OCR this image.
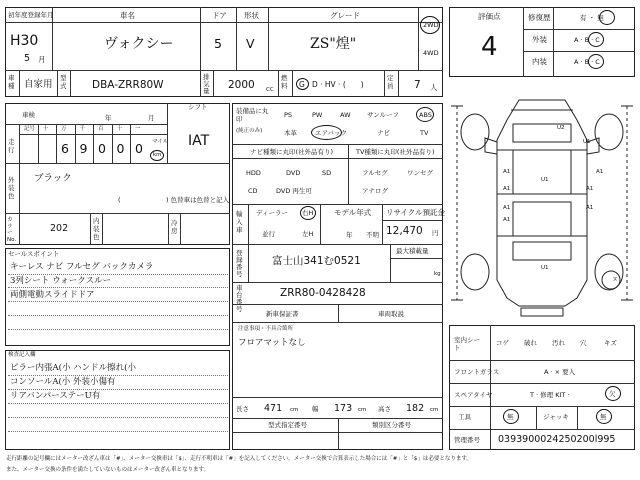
初年度登録年月	車名	ドア 形状	グレード
H30
5 月
ヴォクシー	5 V	ZS"煌"
2WD
4WD
車種 自家用
型式 DBA-ZRR80W
排気量
2000 CC
燃料 G · D · HV · (　　)
定員 7 人
シフト
車検	年	月
走行
記号 十 万 千 百 十 一
6 9 0 0 0 マイル
km
IAT
外装色
ブラック
(　　　　　　　) 色替車は色替と記入
カラーNo.
202
内装色
冷房
セールスポイント
キーレス ナビ フルセグ バックカメラ
3列シート ウォークスルー
両側電動スライドドア
検査記入欄
ピラー内張A(小 ハンドル擦れ(小
コンソールA(小 外装小傷有
リアバンパーステーU有
装備品に丸印
(純正のみ)
PS	PW	AW	サンルーフ	ABS
本革	エアバック	ナビ	TV
ナビ種類に丸印(社外品有り)	TV種類に丸印(社外品有り)
HDD	DVD	SD
CD	DVD 再生可
フルセグ	ワンセグ
アナログ
輸入車
ディーラー 右H
並行	左H
モデル年式
年 不明
リサイクル預託金
12,470 円
登録番号
富士山341む0521
最大積載量
kg
車台番号
ZRR80-0428428
新車保証書	車両取説
注意事項・不具合箇所
フロアマットなし
長さ 471 cm 幅 173 cm 高さ 182 cm
型式指定番号	類別区分番号
評価点
4
修復歴	有 ・ 無
外装	A · B · C
内装	A · B · C
U2
U1
A1	A1
A1
U1
A1
A1	A1
A1
U1
ヌ
室内シート
コゲ 破れ 汚れ 穴	キズ
フロントガラス	A · × 要入
スペアタイヤ	T · 修理 KIT ·	欠
工具	無	ジャッキ	無
管理番号 0393900024250200l995
走行距離の記号欄にはメーター改ざん車は「#」、メーター交換車は「$」、走行不明車は「#」を記入してください。メーター交換で合算表示した場合には「#」と「$」は必要となります。
また、メーター交換の条件を満たしていないものはメーター改ざん車となります。
